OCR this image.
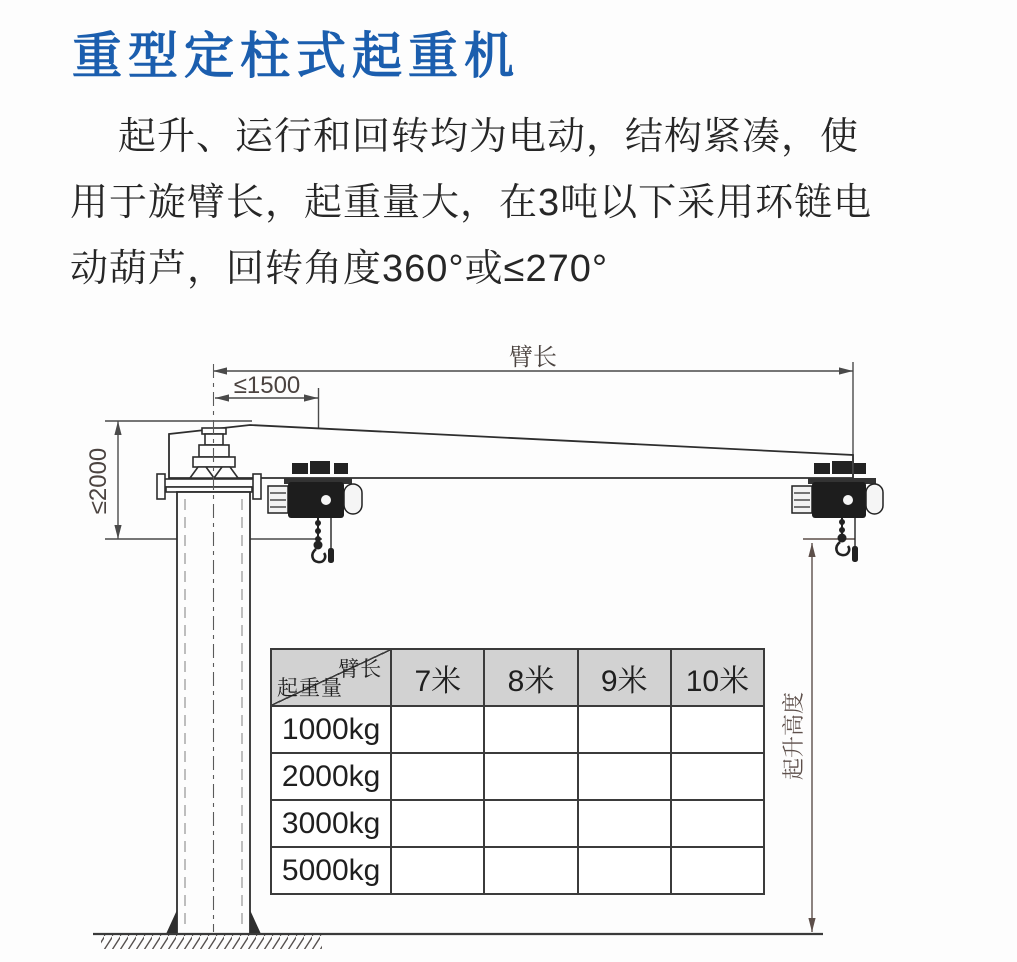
重型定柱式起重机
起升、运行和回转均为电动，结构紧凑，使
用于旋臂长，起重量大，在3吨以下采用环链电
动葫芦，回转角度360°或≤270°
臂长
≤1500
≤2000
起升高度
臂长
起重量	7米	8米	9米	10米
1000kg				
2000kg				
3000kg				
5000kg				
